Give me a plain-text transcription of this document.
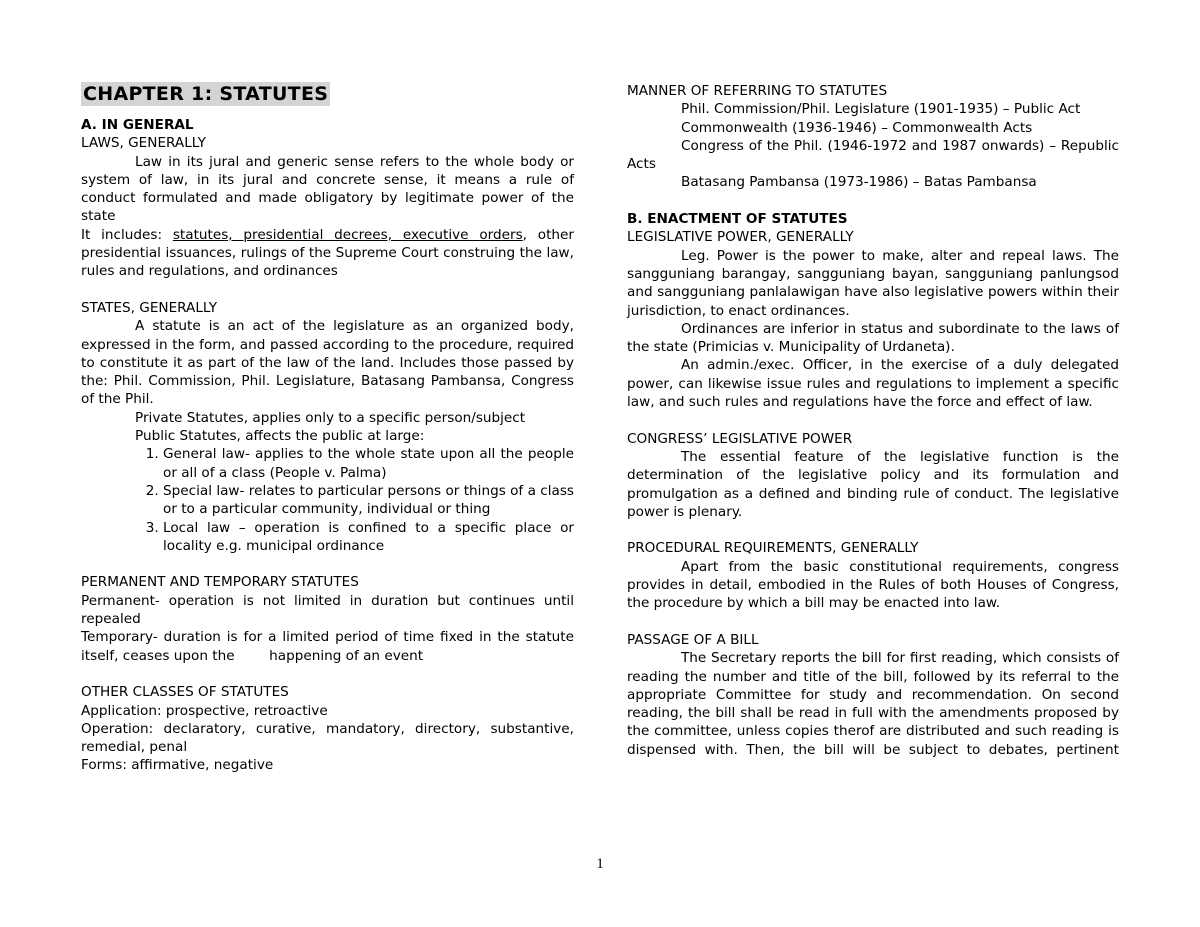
CHAPTER 1: STATUTES

A. IN GENERAL

LAWS, GENERALLY

Law in its jural and generic sense refers to the whole body or system of law, in its jural and concrete sense, it means a rule of conduct formulated and made obligatory by legitimate power of the state

It includes: statutes, presidential decrees, executive orders, other presidential issuances, rulings of the Supreme Court construing the law, rules and regulations, and ordinances

STATES, GENERALLY

A statute is an act of the legislature as an organized body, expressed in the form, and passed according to the procedure, required to constitute it as part of the law of the land. Includes those passed by the: Phil. Commission, Phil. Legislature, Batasang Pambansa, Congress of the Phil.

Private Statutes, applies only to a specific person/subject

Public Statutes, affects the public at large:

1. General law- applies to the whole state upon all the people or all of a class (People v. Palma)
2. Special law- relates to particular persons or things of a class or to a particular community, individual or thing
3. Local law – operation is confined to a specific place or locality e.g. municipal ordinance

PERMANENT AND TEMPORARY STATUTES

Permanent- operation is not limited in duration but continues until repealed

Temporary- duration is for a limited period of time fixed in the statute itself, ceases upon the        happening of an event

OTHER CLASSES OF STATUTES

Application: prospective, retroactive

Operation: declaratory, curative, mandatory, directory, substantive, remedial, penal

Forms: affirmative, negative

MANNER OF REFERRING TO STATUTES

Phil. Commission/Phil. Legislature (1901-1935) – Public Act

Commonwealth (1936-1946) – Commonwealth Acts

Congress of the Phil. (1946-1972 and 1987 onwards) – Republic Acts

Batasang Pambansa (1973-1986) – Batas Pambansa

B. ENACTMENT OF STATUTES

LEGISLATIVE POWER, GENERALLY

Leg. Power is the power to make, alter and repeal laws. The sangguniang barangay, sangguniang bayan, sangguniang panlungsod and sangguniang panlalawigan have also legislative powers within their jurisdiction, to enact ordinances.

Ordinances are inferior in status and subordinate to the laws of the state (Primicias v. Municipality of Urdaneta).

An admin./exec. Officer, in the exercise of a duly delegated power, can likewise issue rules and regulations to implement a specific law, and such rules and regulations have the force and effect of law.

CONGRESS’ LEGISLATIVE POWER

The essential feature of the legislative function is the determination of the legislative policy and its formulation and promulgation as a defined and binding rule of conduct. The legislative power is plenary.

PROCEDURAL REQUIREMENTS, GENERALLY

Apart from the basic constitutional requirements, congress provides in detail, embodied in the Rules of both Houses of Congress, the procedure by which a bill may be enacted into law.

PASSAGE OF A BILL

The Secretary reports the bill for first reading, which consists of reading the number and title of the bill, followed by its referral to the appropriate Committee for study and recommendation. On second reading, the bill shall be read in full with the amendments proposed by the committee, unless copies therof are distributed and such reading is dispensed with. Then, the bill will be subject to debates, pertinent

1
